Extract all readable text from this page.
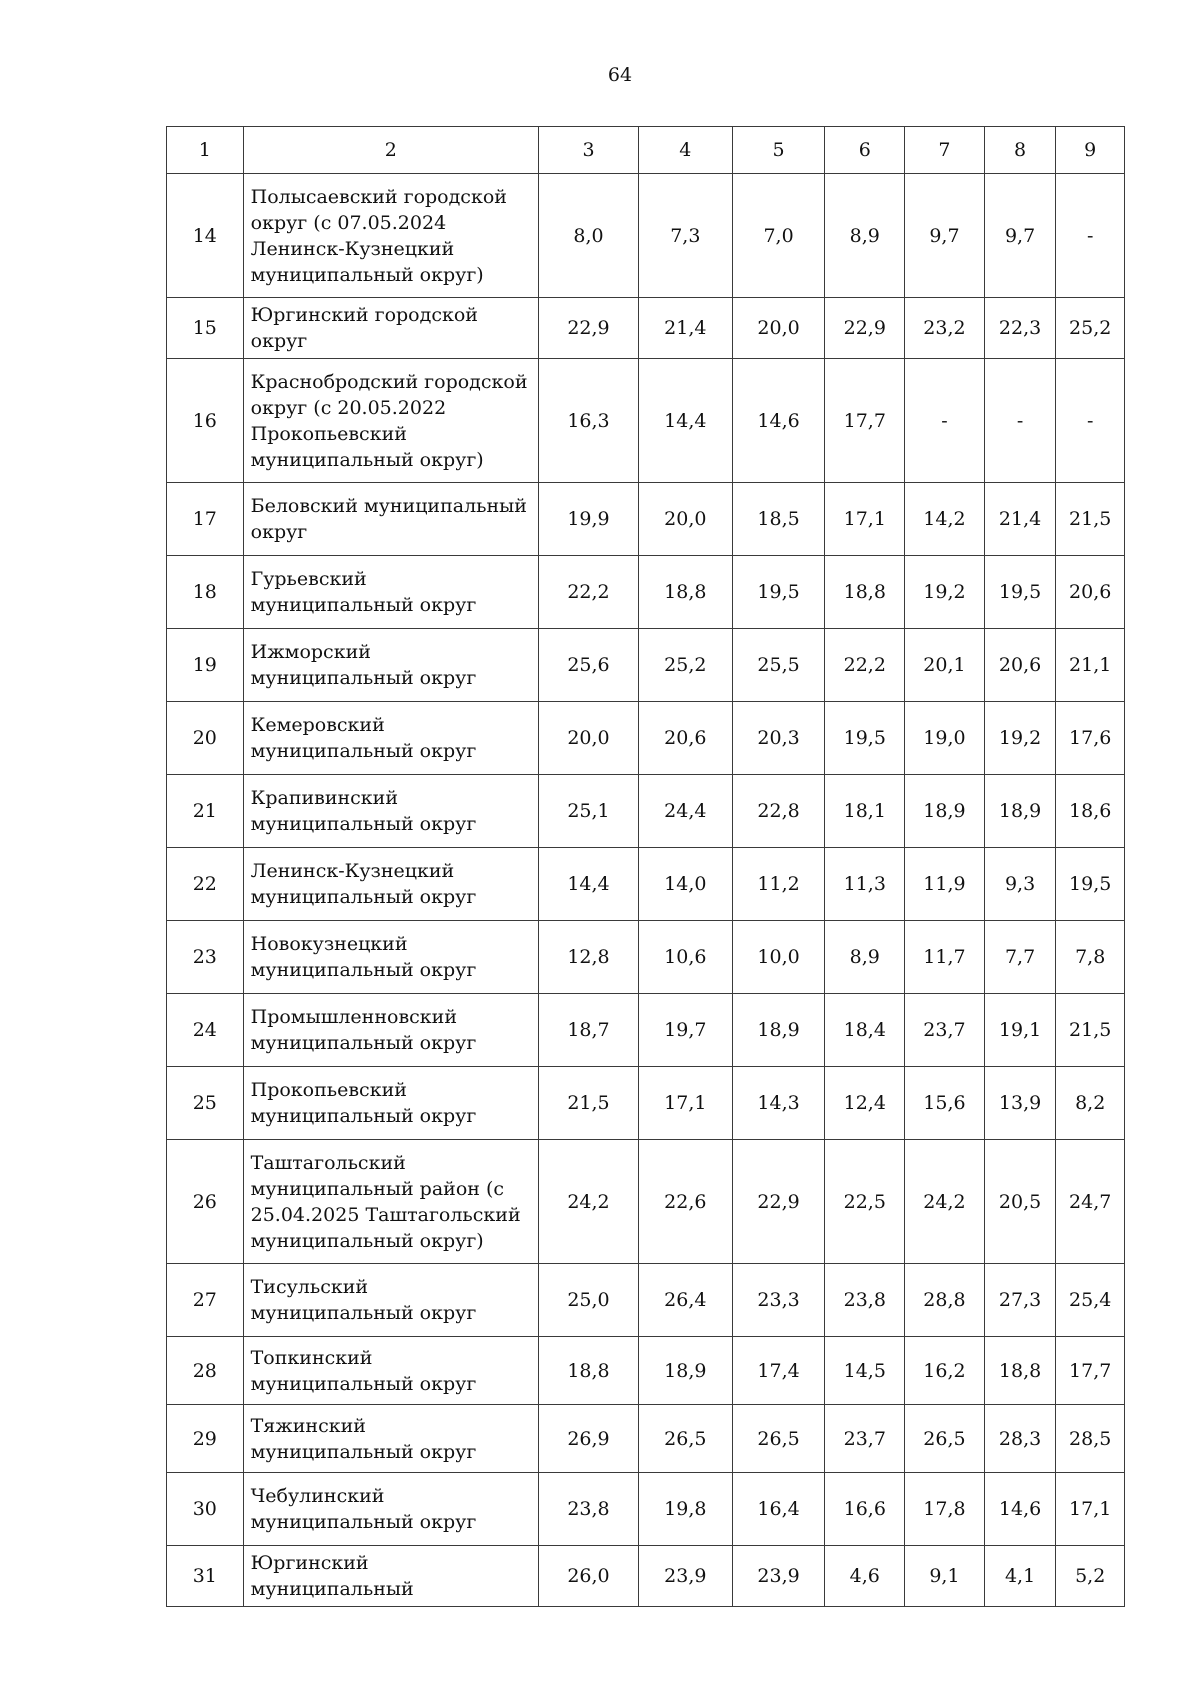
64
1	2	3	4	5	6	7	8	9
14	Полысаевский городской округ (с 07.05.2024 Ленинск-Кузнецкий муниципальный округ)	8,0	7,3	7,0	8,9	9,7	9,7	-
15	Юргинский городской округ	22,9	21,4	20,0	22,9	23,2	22,3	25,2
16	Краснобродский городской округ (с 20.05.2022 Прокопьевский муниципальный округ)	16,3	14,4	14,6	17,7	-	-	-
17	Беловский муниципальный округ	19,9	20,0	18,5	17,1	14,2	21,4	21,5
18	Гурьевский муниципальный округ	22,2	18,8	19,5	18,8	19,2	19,5	20,6
19	Ижморский муниципальный округ	25,6	25,2	25,5	22,2	20,1	20,6	21,1
20	Кемеровский муниципальный округ	20,0	20,6	20,3	19,5	19,0	19,2	17,6
21	Крапивинский муниципальный округ	25,1	24,4	22,8	18,1	18,9	18,9	18,6
22	Ленинск-Кузнецкий муниципальный округ	14,4	14,0	11,2	11,3	11,9	9,3	19,5
23	Новокузнецкий муниципальный округ	12,8	10,6	10,0	8,9	11,7	7,7	7,8
24	Промышленновский муниципальный округ	18,7	19,7	18,9	18,4	23,7	19,1	21,5
25	Прокопьевский муниципальный округ	21,5	17,1	14,3	12,4	15,6	13,9	8,2
26	Таштагольский муниципальный район (с 25.04.2025 Таштагольский муниципальный округ)	24,2	22,6	22,9	22,5	24,2	20,5	24,7
27	Тисульский муниципальный округ	25,0	26,4	23,3	23,8	28,8	27,3	25,4
28	Топкинский муниципальный округ	18,8	18,9	17,4	14,5	16,2	18,8	17,7
29	Тяжинский муниципальный округ	26,9	26,5	26,5	23,7	26,5	28,3	28,5
30	Чебулинский муниципальный округ	23,8	19,8	16,4	16,6	17,8	14,6	17,1
31	Юргинский муниципальный	26,0	23,9	23,9	4,6	9,1	4,1	5,2
